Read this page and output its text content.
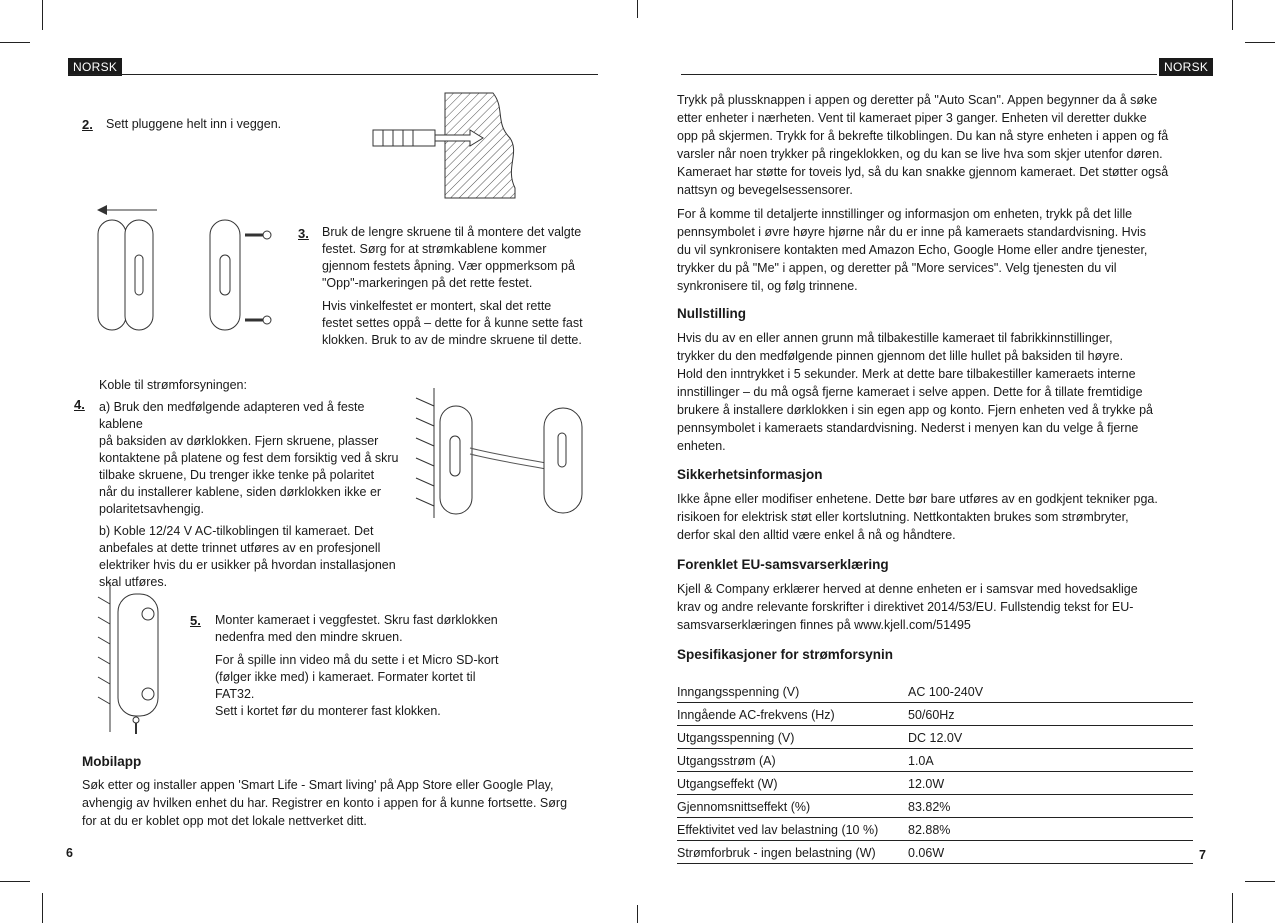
NORSK
2. Sett pluggene helt inn i veggen.

3. Bruk de lengre skruene til å montere det valgte

festet. Sørg for at strømkablene kommer

gjennom festets åpning. Vær oppmerksom på

"Opp"-markeringen på det rette festet.

Hvis vinkelfestet er montert, skal det rette

festet settes oppå – dette for å kunne sette fast

klokken. Bruk to av de mindre skruene til dette.

Koble til strømforsyningen:

4. a) Bruk den medfølgende adapteren ved å feste kablene

på baksiden av dørklokken. Fjern skruene, plasser

kontaktene på platene og fest dem forsiktig ved å skru

tilbake skruene, Du trenger ikke tenke på polaritet

når du installerer kablene, siden dørklokken ikke er

polaritetsavhengig.

b) Koble 12/24 V AC-tilkoblingen til kameraet. Det

anbefales at dette trinnet utføres av en profesjonell

elektriker hvis du er usikker på hvordan installasjonen

skal utføres.

5. Monter kameraet i veggfestet. Skru fast dørklokken

nedenfra med den mindre skruen.

For å spille inn video må du sette i et Micro SD-kort

(følger ikke med) i kameraet. Formater kortet til FAT32.

Sett i kortet før du monterer fast klokken.

Mobilapp

Søk etter og installer appen 'Smart Life - Smart living' på App Store eller Google Play,

avhengig av hvilken enhet du har. Registrer en konto i appen for å kunne fortsette. Sørg

for at du er koblet opp mot det lokale nettverket ditt.

6
NORSK

Trykk på plussknappen i appen og deretter på "Auto Scan". Appen begynner da å søke

etter enheter i nærheten. Vent til kameraet piper 3 ganger. Enheten vil deretter dukke

opp på skjermen. Trykk for å bekrefte tilkoblingen. Du kan nå styre enheten i appen og få

varsler når noen trykker på ringeklokken, og du kan se live hva som skjer utenfor døren.

Kameraet har støtte for toveis lyd, så du kan snakke gjennom kameraet. Det støtter også

nattsyn og bevegelsessensorer.

For å komme til detaljerte innstillinger og informasjon om enheten, trykk på det lille

pennsymbolet i øvre høyre hjørne når du er inne på kameraets standardvisning. Hvis

du vil synkronisere kontakten med Amazon Echo, Google Home eller andre tjenester,

trykker du på "Me" i appen, og deretter på "More services". Velg tjenesten du vil

synkronisere til, og følg trinnene.

Nullstilling

Hvis du av en eller annen grunn må tilbakestille kameraet til fabrikkinnstillinger,

trykker du den medfølgende pinnen gjennom det lille hullet på baksiden til høyre.

Hold den inntrykket i 5 sekunder. Merk at dette bare tilbakestiller kameraets interne

innstillinger – du må også fjerne kameraet i selve appen. Dette for å tillate fremtidige

brukere å installere dørklokken i sin egen app og konto. Fjern enheten ved å trykke på

pennsymbolet i kameraets standardvisning. Nederst i menyen kan du velge å fjerne

enheten.

Sikkerhetsinformasjon

Ikke åpne eller modifiser enhetene. Dette bør bare utføres av en godkjent tekniker pga.

risikoen for elektrisk støt eller kortslutning. Nettkontakten brukes som strømbryter,

derfor skal den alltid være enkel å nå og håndtere.

Forenklet EU-samsvarserklæring

Kjell & Company erklærer herved at denne enheten er i samsvar med hovedsaklige

krav og andre relevante forskrifter i direktivet 2014/53/EU. Fullstendig tekst for EU-

samsvarserklæringen finnes på www.kjell.com/51495

Spesifikasjoner for strømforsynin

Inngangsspenning (V)	AC 100-240V
Inngående AC-frekvens (Hz)	50/60Hz
Utgangsspenning (V)	DC 12.0V
Utgangsstrøm (A)	1.0A
Utgangseffekt (W)	12.0W
Gjennomsnittseffekt (%)	83.82%
Effektivitet ved lav belastning (10 %) 82.88%
Strømforbruk - ingen belastning (W)	0.06W	7
